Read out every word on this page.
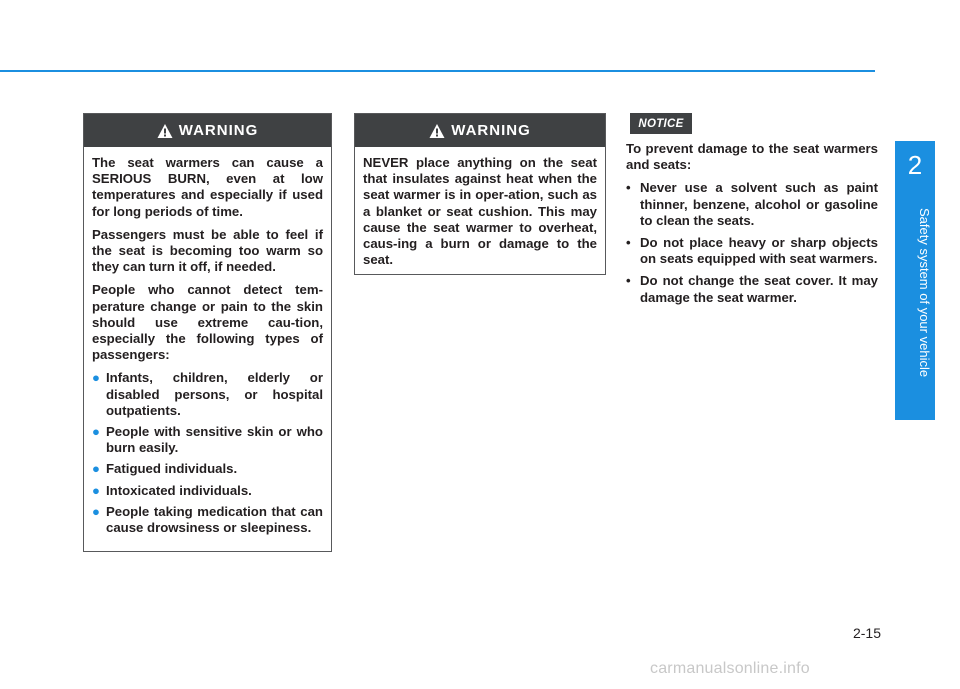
2
Safety system of your vehicle
WARNING

The seat warmers can cause a SERIOUS BURN, even at low temperatures and especially if used for long periods of time.

Passengers must be able to feel if the seat is becoming too warm so they can turn it off, if needed.

People who cannot detect tem-perature change or pain to the skin should use extreme cau-tion, especially the following types of passengers:

● Infants, children, elderly or disabled persons, or hospital outpatients.
● People with sensitive skin or who burn easily.
● Fatigued individuals.
● Intoxicated individuals.
● People taking medication that can cause drowsiness or sleepiness.
WARNING

NEVER place anything on the seat that insulates against heat when the seat warmer is in oper-ation, such as a blanket or seat cushion. This may cause the seat warmer to overheat, caus-ing a burn or damage to the seat.

NOTICE

To prevent damage to the seat warmers and seats:

• Never use a solvent such as paint thinner, benzene, alcohol or gasoline to clean the seats.
• Do not place heavy or sharp objects on seats equipped with seat warmers.
• Do not change the seat cover. It may damage the seat warmer.
2-15
carmanualsonline.info
